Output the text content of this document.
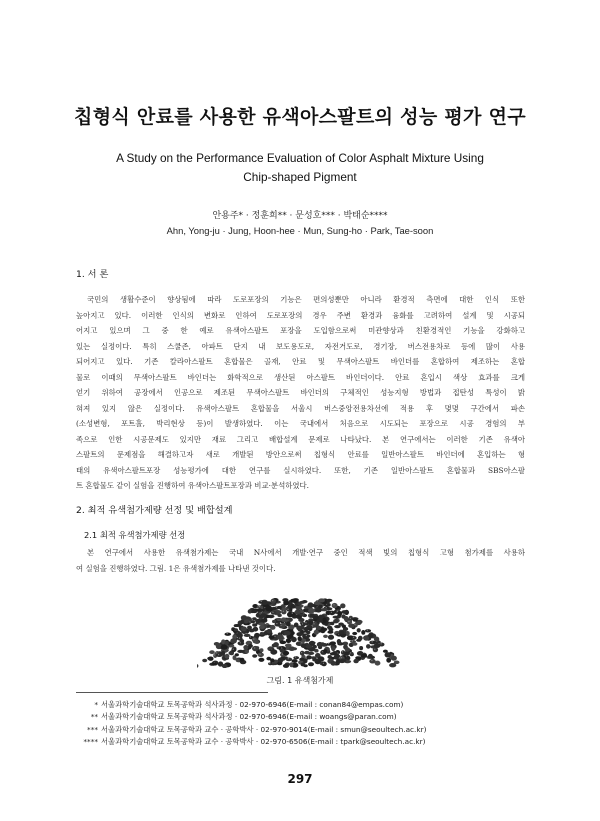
칩형식 안료를 사용한 유색아스팔트의 성능 평가 연구
A Study on the Performance Evaluation of Color Asphalt Mixture Using
Chip-shaped Pigment
안용주* · 정훈희** · 문성호*** · 박태순****
Ahn, Yong-ju · Jung, Hoon-hee · Mun, Sung-ho · Park, Tae-soon
1. 서 론
국민의 생활수준이 향상됨에 따라 도로포장의 기능은 편의성뿐만 아니라 환경적 측면에 대한 인식 또한
높아지고 있다. 이러한 인식의 변화로 인하여 도로포장의 경우 주변 환경과 융화를 고려하여 설계 및 시공되
어지고 있으며 그 중 한 예로 유색아스팔트 포장을 도입함으로써 미관향상과 친환경적인 기능을 강화하고
있는 실정이다. 특히 스쿨존, 아파트 단지 내 보도용도로, 자전거도로, 경기장, 버스전용차로 등에 많이 사용
되어지고 있다. 기존 칼라아스팔트 혼합물은 골재, 안료 및 무색아스팔트 바인더를 혼합하여 제조하는 혼합
물로 이때의 무색아스팔트 바인더는 화학적으로 생산된 아스팔트 바인더이다. 안료 혼입시 색상 효과를 크게
얻기 위하여 공장에서 인공으로 제조된 무색아스팔트 바인더의 구체적인 성능지형 방법과 접탄성 특성이 밝
혀져 있지 않은 실정이다. 유색아스팔트 혼합물을 서울시 버스중앙전용차선에 적용 후 몇몇 구간에서 파손
(소성변형, 포트홀, 박리현상 등)이 발생하였다. 이는 국내에서 처음으로 시도되는 포장으로 시공 경험의 부
족으로 인한 시공문제도 있지만 재료 그리고 배합설계 문제로 나타났다. 본 연구에서는 이러한 기존 유색아
스팔트의 문제점을 해결하고자 새로 개발된 방안으로써 칩형식 안료를 일반아스팔트 바인더에 혼입하는 형
태의 유색아스팔트포장 성능평가에 대한 연구를 실시하였다. 또한, 기존 일반아스팔트 혼합물과 SBS아스팔
트 혼합물도 같이 실험을 진행하여 유색아스팔트포장과 비교·분석하였다.
2. 최적 유색첨가제량 선정 및 배합설계
2.1 최적 유색첨가제량 선정
본 연구에서 사용한 유색첨가제는 국내 N사에서 개발·연구 중인 적색 빛의 칩형식 고형 첨가제를 사용하
여 실험을 진행하였다. 그림. 1은 유색첨가제를 나타낸 것이다.
그림. 1 유색첨가제
* 서울과학기술대학교 토목공학과 석사과정 · 02-970-6946(E-mail : conan84@empas.com)
** 서울과학기술대학교 토목공학과 석사과정 · 02-970-6946(E-mail : woangs@paran.com)
*** 서울과학기술대학교 토목공학과 교수 · 공학박사 · 02-970-9014(E-mail : smun@seoultech.ac.kr)
**** 서울과학기술대학교 토목공학과 교수 · 공학박사 · 02-970-6506(E-mail : tpark@seoultech.ac.kr)
297
